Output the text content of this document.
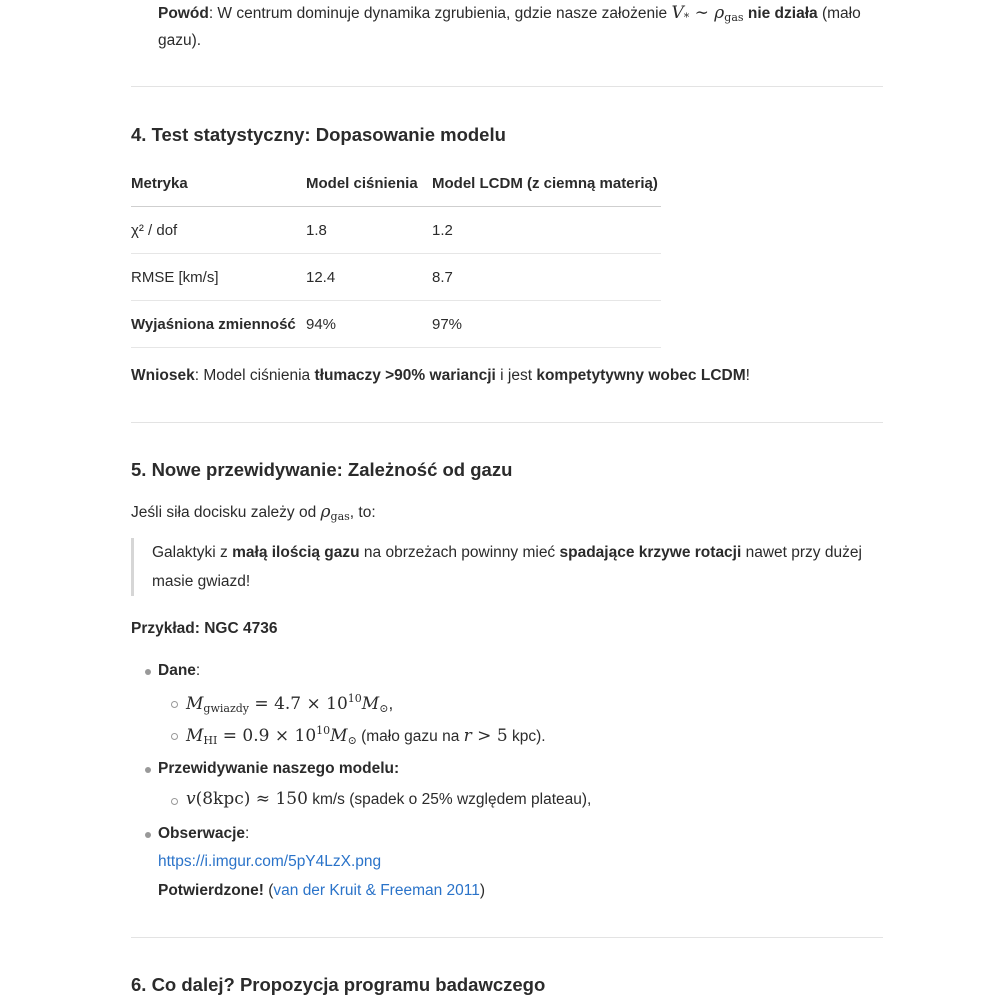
Powód: W centrum dominuje dynamika zgrubienia, gdzie nasze założenie $V_*$ ∼ $\rho_{gas}$ nie działa (mało
gazu).
4. Test statystyczny: Dopasowanie modelu
Metryka	Model ciśnienia	Model LCDM (z ciemną materią)
χ² / dof	1.8	1.2
RMSE [km/s]	12.4	8.7
Wyjaśniona zmienność	94%	97%
Wniosek: Model ciśnienia tłumaczy >90% wariancji i jest kompetytywny wobec LCDM!
5. Nowe przewidywanie: Zależność od gazu
Jeśli siła docisku zależy od $\rho_{gas}$, to:
Galaktyki z małą ilością gazu na obrzeżach powinny mieć spadające krzywe rotacji nawet przy dużej
masie gwiazd!
Przykład: NGC 4736
Dane:
$M_{gwiazdy} = 4.7 \times 10^{10}M_⊙$,
$M_{HI} = 0.9 \times 10^{10}M_⊙$ (mało gazu na r > 5 kpc).
Przewidywanie naszego modelu:
v(8kpc) ≈ 150 km/s (spadek o 25% względem plateau),
Obserwacje:
https://i.imgur.com/5pY4LzX.png
Potwierdzone! (van der Kruit & Freeman 2011)
6. Co dalej? Propozycja programu badawczego
